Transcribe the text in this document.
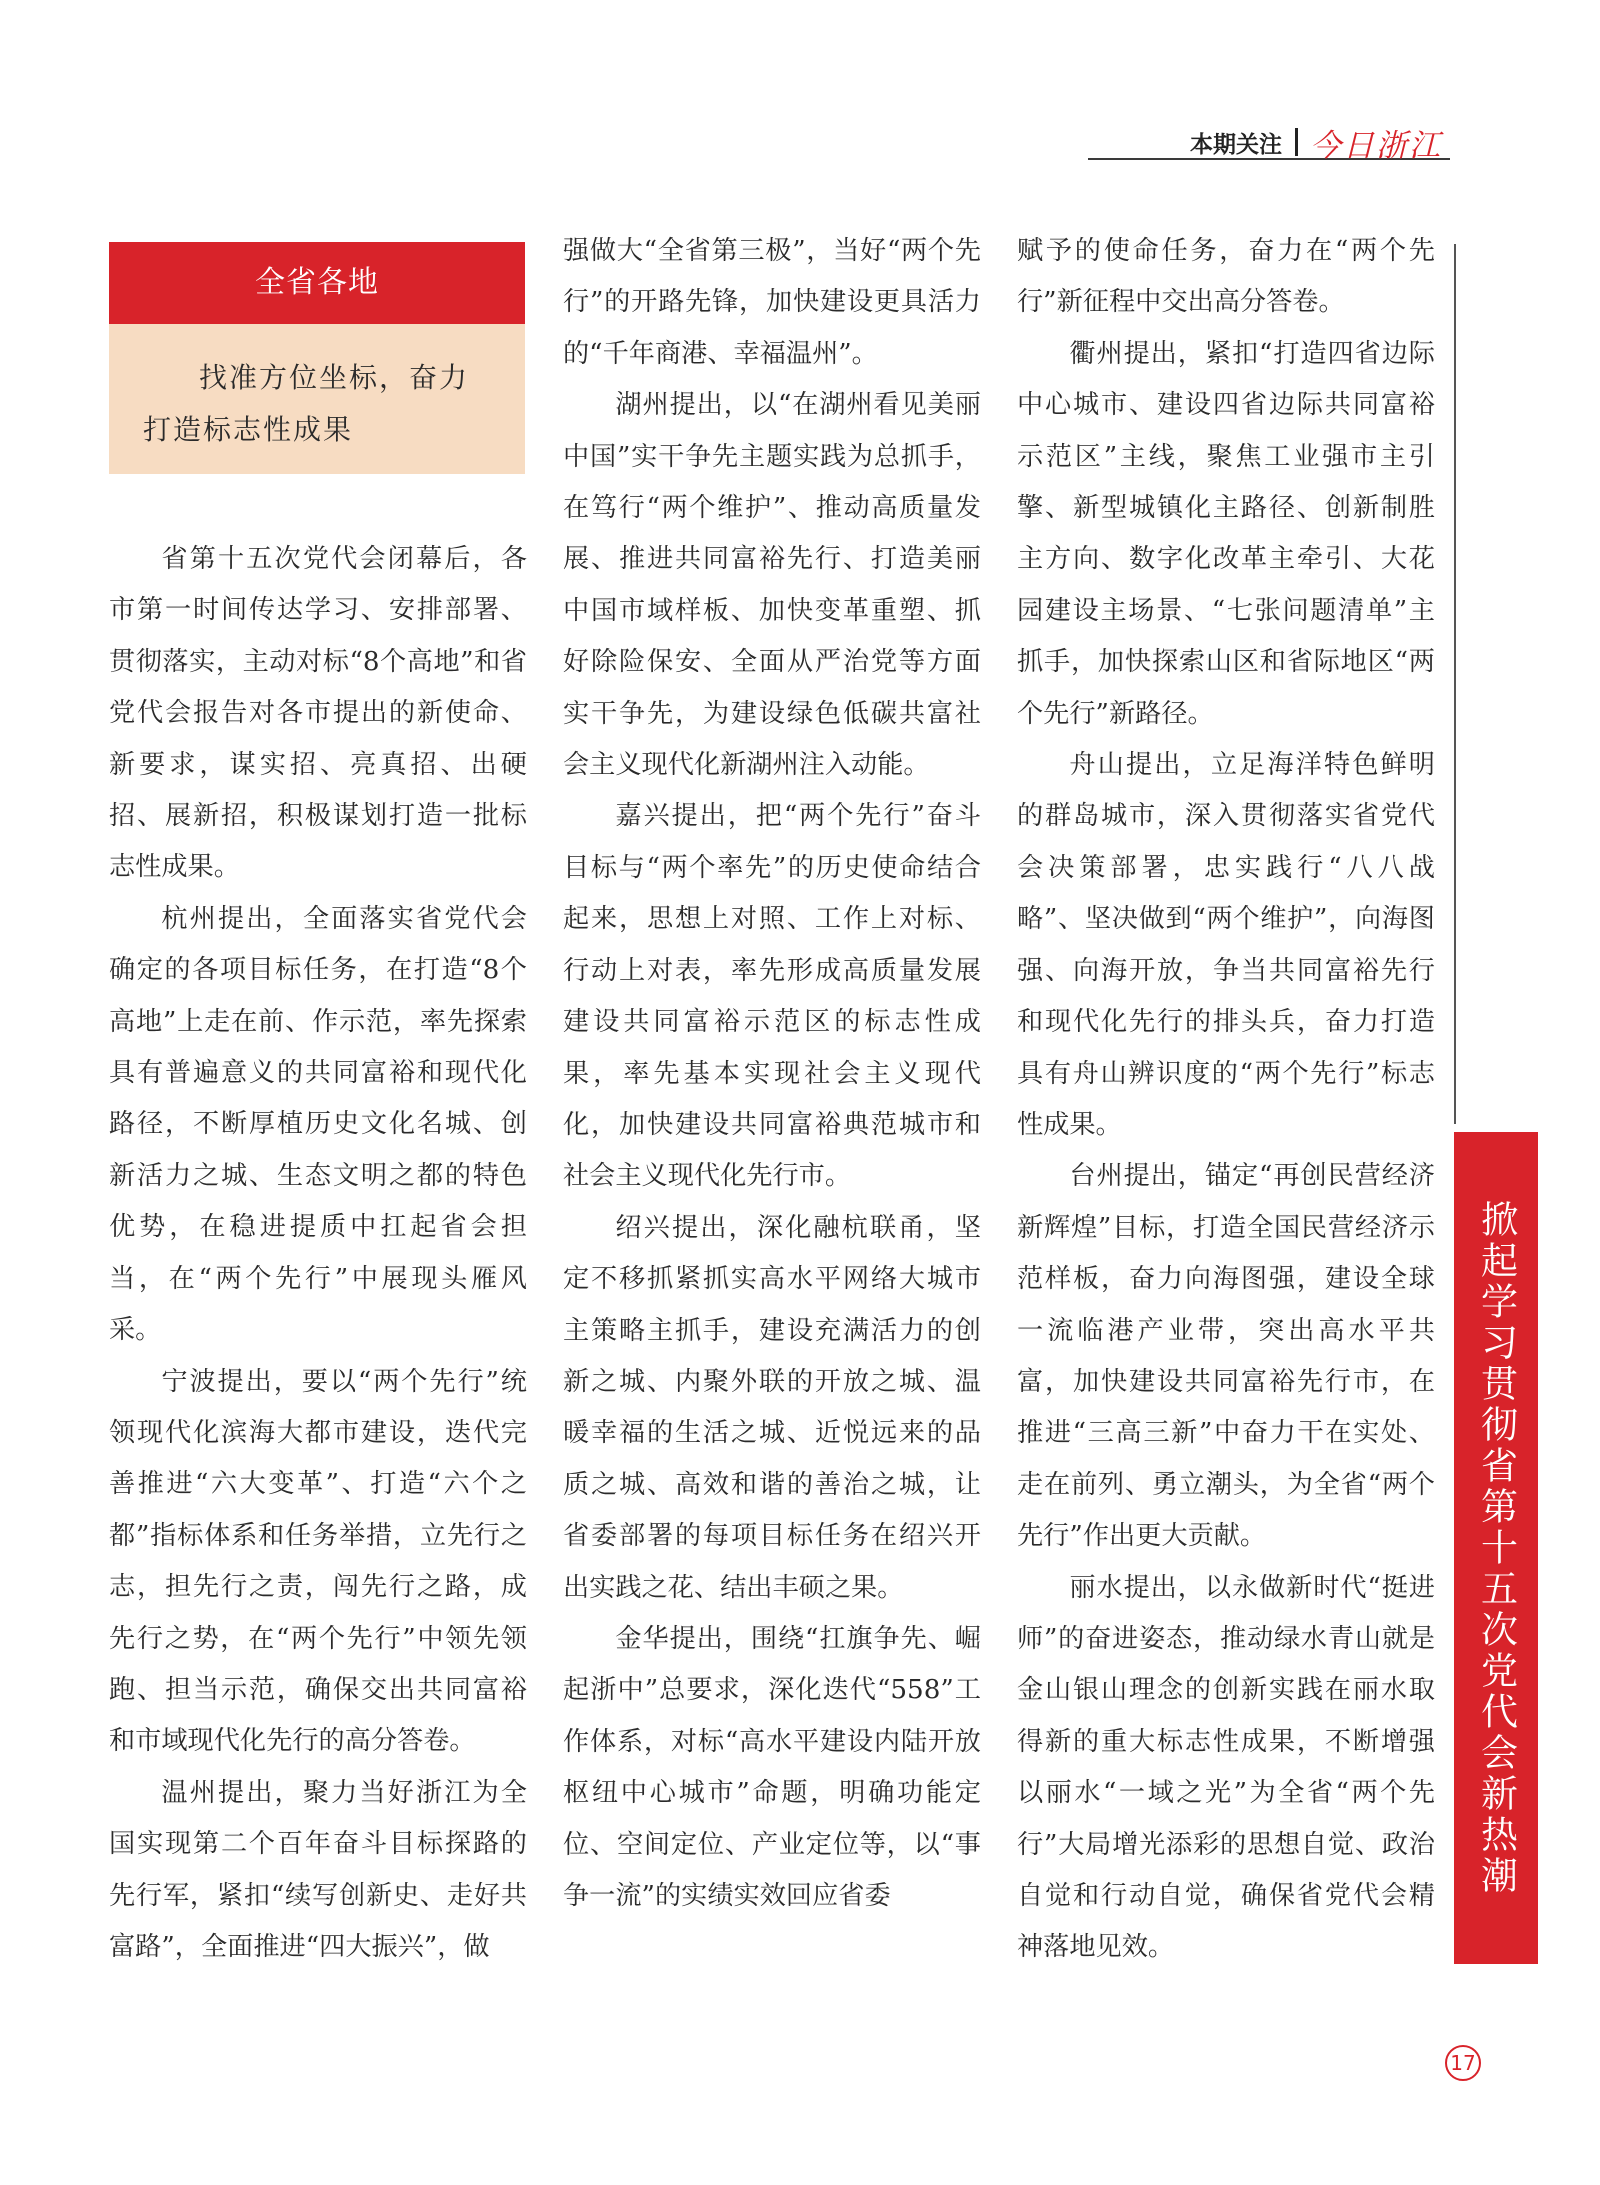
本期关注 今日浙江
全省各地
找准方位坐标，奋力打造标志性成果

省第十五次党代会闭幕后，各市第一时间传达学习、安排部署、贯彻落实，主动对标“8个高地”和省党代会报告对各市提出的新使命、新要求，谋实招、亮真招、出硬招、展新招，积极谋划打造一批标志性成果。

杭州提出，全面落实省党代会确定的各项目标任务，在打造“8个高地”上走在前、作示范，率先探索具有普遍意义的共同富裕和现代化路径，不断厚植历史文化名城、创新活力之城、生态文明之都的特色优势，在稳进提质中扛起省会担当，在“两个先行”中展现头雁风采。

宁波提出，要以“两个先行”统领现代化滨海大都市建设，迭代完善推进“六大变革”、打造“六个之都”指标体系和任务举措，立先行之志，担先行之责，闯先行之路，成先行之势，在“两个先行”中领先领跑、担当示范，确保交出共同富裕和市域现代化先行的高分答卷。

温州提出，聚力当好浙江为全国实现第二个百年奋斗目标探路的先行军，紧扣“续写创新史、走好共富路”，全面推进“四大振兴”，做

强做大“全省第三极”，当好“两个先行”的开路先锋，加快建设更具活力的“千年商港、幸福温州”。

湖州提出，以“在湖州看见美丽中国”实干争先主题实践为总抓手，在笃行“两个维护”、推动高质量发展、推进共同富裕先行、打造美丽中国市域样板、加快变革重塑、抓好除险保安、全面从严治党等方面实干争先，为建设绿色低碳共富社会主义现代化新湖州注入动能。

嘉兴提出，把“两个先行”奋斗目标与“两个率先”的历史使命结合起来，思想上对照、工作上对标、行动上对表，率先形成高质量发展建设共同富裕示范区的标志性成果，率先基本实现社会主义现代化，加快建设共同富裕典范城市和社会主义现代化先行市。

绍兴提出，深化融杭联甬，坚定不移抓紧抓实高水平网络大城市主策略主抓手，建设充满活力的创新之城、内聚外联的开放之城、温暖幸福的生活之城、近悦远来的品质之城、高效和谐的善治之城，让省委部署的每项目标任务在绍兴开出实践之花、结出丰硕之果。

金华提出，围绕“扛旗争先、崛起浙中”总要求，深化迭代“558”工作体系，对标“高水平建设内陆开放枢纽中心城市”命题，明确功能定位、空间定位、产业定位等，以“事争一流”的实绩实效回应省委

赋予的使命任务，奋力在“两个先行”新征程中交出高分答卷。

衢州提出，紧扣“打造四省边际中心城市、建设四省边际共同富裕示范区”主线，聚焦工业强市主引擎、新型城镇化主路径、创新制胜主方向、数字化改革主牵引、大花园建设主场景、“七张问题清单”主抓手，加快探索山区和省际地区“两个先行”新路径。

舟山提出，立足海洋特色鲜明的群岛城市，深入贯彻落实省党代会决策部署，忠实践行“八八战略”、坚决做到“两个维护”，向海图强、向海开放，争当共同富裕先行和现代化先行的排头兵，奋力打造具有舟山辨识度的“两个先行”标志性成果。

台州提出，锚定“再创民营经济新辉煌”目标，打造全国民营经济示范样板，奋力向海图强，建设全球一流临港产业带，突出高水平共富，加快建设共同富裕先行市，在推进“三高三新”中奋力干在实处、走在前列、勇立潮头，为全省“两个先行”作出更大贡献。

丽水提出，以永做新时代“挺进师”的奋进姿态，推动绿水青山就是金山银山理念的创新实践在丽水取得新的重大标志性成果，不断增强以丽水“一域之光”为全省“两个先行”大局增光添彩的思想自觉、政治自觉和行动自觉，确保省党代会精神落地见效。

掀起学习贯彻省第十五次党代会新热潮
17
